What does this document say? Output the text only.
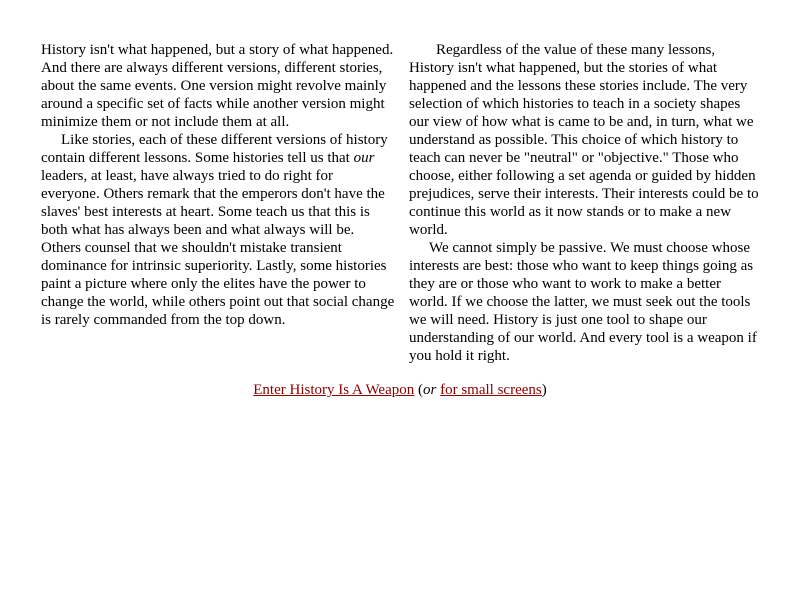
History isn't what happened, but a story of what happened. And there are always different versions, different stories, about the same events. One version might revolve mainly around a specific set of facts while another version might minimize them or not include them at all.

Like stories, each of these different versions of history contain different lessons. Some histories tell us that our leaders, at least, have always tried to do right for everyone. Others remark that the emperors don't have the slaves' best interests at heart. Some teach us that this is both what has always been and what always will be. Others counsel that we shouldn't mistake transient dominance for intrinsic superiority. Lastly, some histories paint a picture where only the elites have the power to change the world, while others point out that social change is rarely commanded from the top down.

Regardless of the value of these many lessons, History isn't what happened, but the stories of what happened and the lessons these stories include. The very selection of which histories to teach in a society shapes our view of how what is came to be and, in turn, what we understand as possible. This choice of which history to teach can never be "neutral" or "objective." Those who choose, either following a set agenda or guided by hidden prejudices, serve their interests. Their interests could be to continue this world as it now stands or to make a new world.

We cannot simply be passive. We must choose whose interests are best: those who want to keep things going as they are or those who want to work to make a better world. If we choose the latter, we must seek out the tools we will need. History is just one tool to shape our understanding of our world. And every tool is a weapon if you hold it right.

Enter History Is A Weapon (or for small screens)
